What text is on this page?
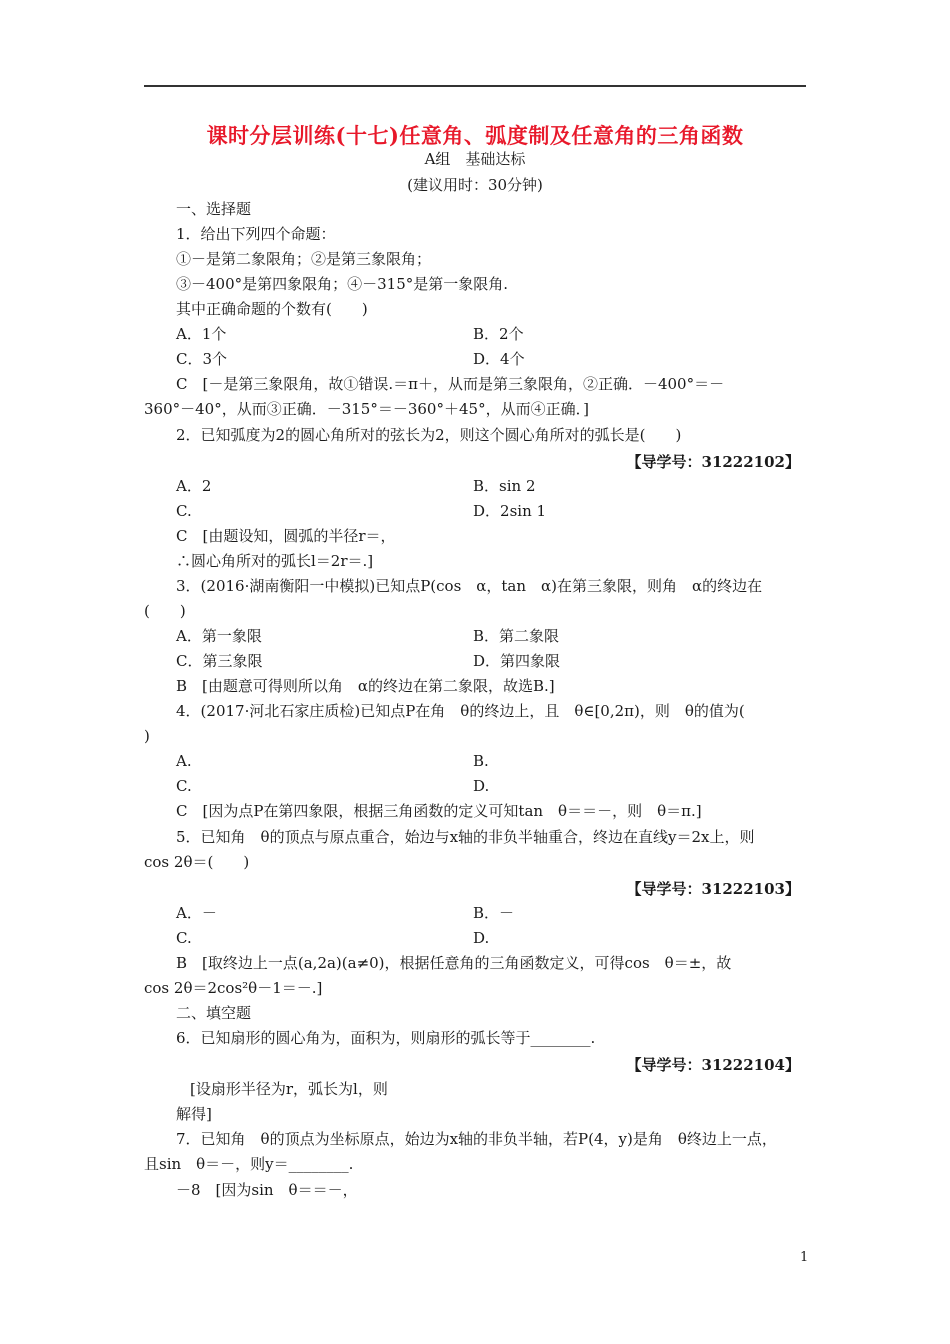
课时分层训练(十七)任意角、弧度制及任意角的三角函数
A组　基础达标
(建议用时：30分钟)
一、选择题
1．给出下列四个命题：
①－是第二象限角；②是第三象限角；
③－400°是第四象限角；④－315°是第一象限角.
其中正确命题的个数有(　　)
A．1个	B．2个
C．3个	D．4个
C　[－是第三象限角，故①错误.＝π＋，从而是第三象限角，②正确．－400°＝－
360°－40°，从而③正确．－315°＝－360°＋45°，从而④正确．]
2．已知弧度为2的圆心角所对的弦长为2，则这个圆心角所对的弧长是(　　)
【导学号：31222102】
A．2	B．sin 2
C.	D．2sin 1
C　[由题设知，圆弧的半径r＝，
∴圆心角所对的弧长l＝2r＝.]
3．(2016·湖南衡阳一中模拟)已知点P(cos　α，tan　α)在第三象限，则角　α的终边在
(　　)
A．第一象限	B．第二象限
C．第三象限	D．第四象限
B　[由题意可得则所以角　α的终边在第二象限，故选B.]
4．(2017·河北石家庄质检)已知点P在角　θ的终边上，且　θ∈[0,2π)，则　θ的值为(
)
A.	B.
C.	D.
C　[因为点P在第四象限，根据三角函数的定义可知tan　θ＝＝－，则　θ＝π.]
5．已知角　θ的顶点与原点重合，始边与x轴的非负半轴重合，终边在直线y＝2x上，则
cos 2θ＝(　　)
【导学号：31222103】
A．－	B．－
C.	D.
B　[取终边上一点(a,2a)(a≠0)，根据任意角的三角函数定义，可得cos　θ＝±，故
cos 2θ＝2cos²θ－1＝－.]
二、填空题
6．已知扇形的圆心角为，面积为，则扇形的弧长等于________.
【导学号：31222104】
[设扇形半径为r，弧长为l，则
解得]
7．已知角　θ的顶点为坐标原点，始边为x轴的非负半轴，若P(4，y)是角　θ终边上一点，
且sin　θ＝－，则y＝________.
－8　[因为sin　θ＝＝－，
1
